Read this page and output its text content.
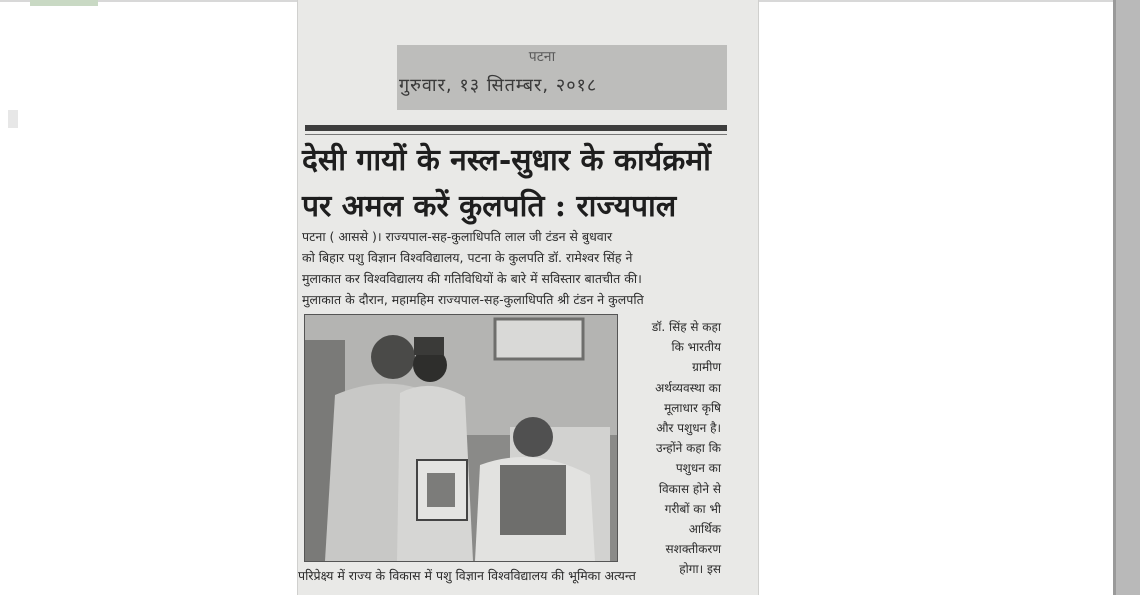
पटना
गुरुवार, १३ सितम्बर, २०१८
देसी गायों के नस्ल-सुधार के कार्यक्रमों
पर अमल करें कुलपति : राज्यपाल
पटना ( आससे )। राज्यपाल-सह-कुलाधिपति लाल जी टंडन से बुधवार
को बिहार पशु विज्ञान विश्वविद्यालय, पटना के कुलपति डॉ. रामेश्वर सिंह ने
मुलाकात कर विश्वविद्यालय की गतिविधियों के बारे में सविस्तार बातचीत की।
मुलाकात के दौरान, महामहिम राज्यपाल-सह-कुलाधिपति श्री टंडन ने कुलपति
डॉ. सिंह से कहा
कि भारतीय
ग्रामीण
अर्थव्यवस्था का
मूलाधार कृषि
और पशुधन है।
उन्होंने कहा कि
पशुधन का
विकास होने से
गरीबों का भी
आर्थिक
सशक्तीकरण
होगा। इस
परिप्रेक्ष्य में राज्य के विकास में पशु विज्ञान विश्वविद्यालय की भूमिका अत्यन्त
